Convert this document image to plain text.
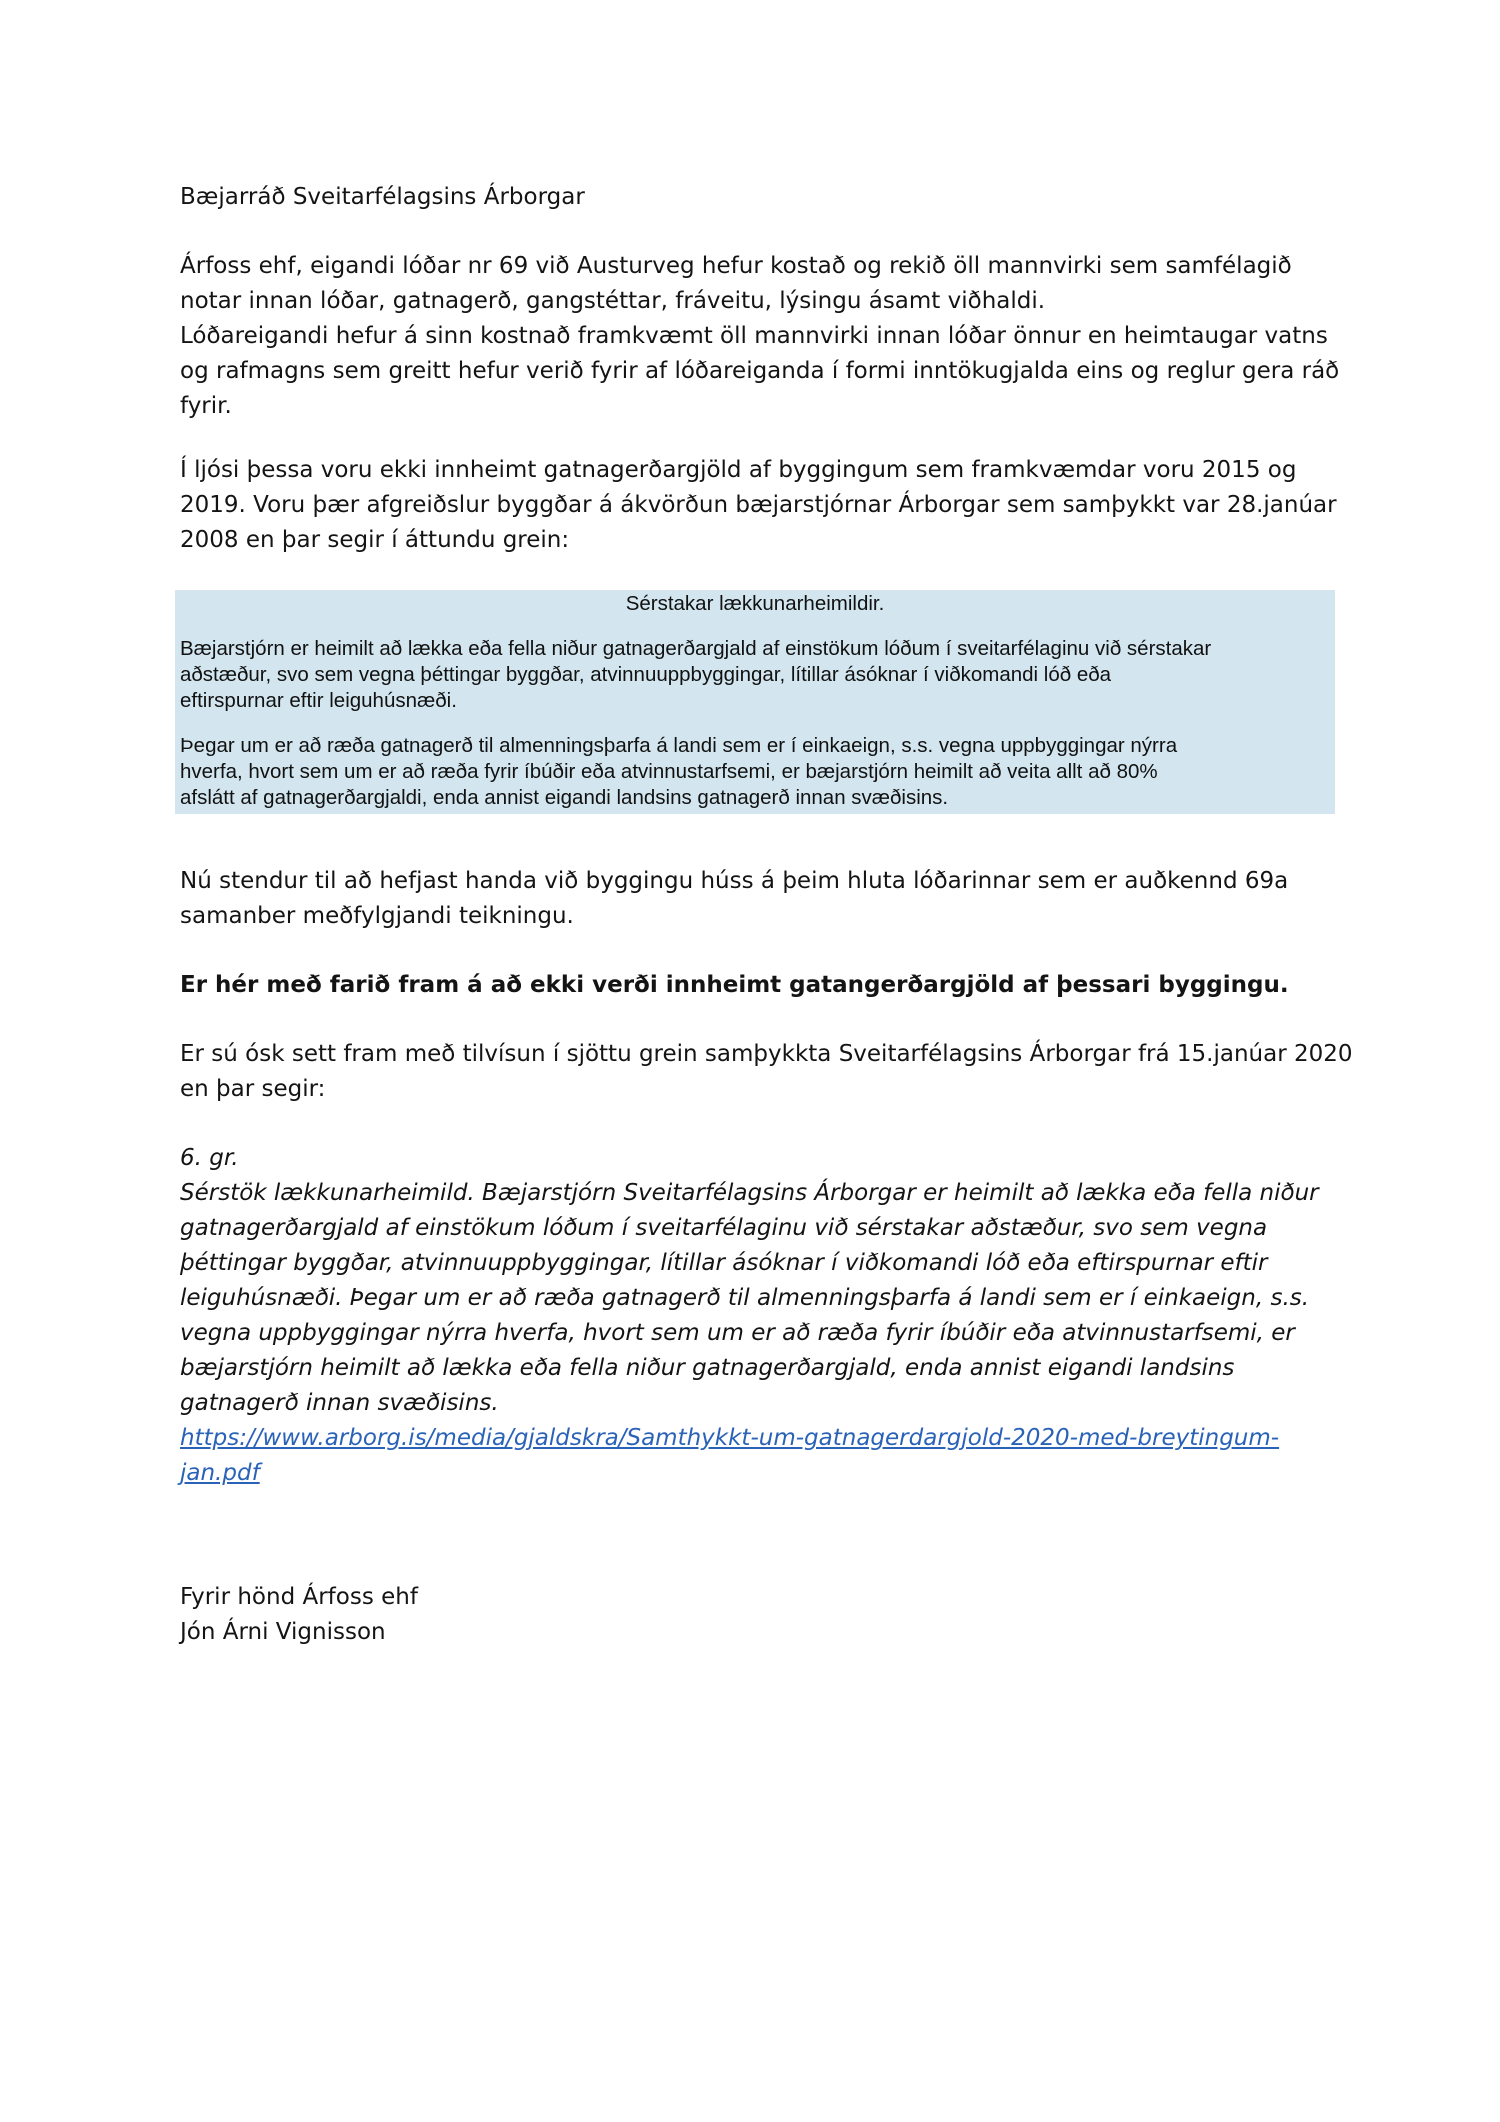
Bæjarráð Sveitarfélagsins Árborgar

Árfoss ehf, eigandi lóðar nr 69 við Austurveg hefur kostað og rekið öll mannvirki sem samfélagið
notar innan lóðar, gatnagerð, gangstéttar, fráveitu, lýsingu ásamt viðhaldi.
Lóðareigandi hefur á sinn kostnað framkvæmt öll mannvirki innan lóðar önnur en heimtaugar vatns
og rafmagns sem greitt hefur verið fyrir af lóðareiganda í formi inntökugjalda eins og reglur gera ráð
fyrir.

Í ljósi þessa voru ekki innheimt gatnagerðargjöld af byggingum sem framkvæmdar voru 2015 og
2019. Voru þær afgreiðslur byggðar á ákvörðun bæjarstjórnar Árborgar sem samþykkt var 28.janúar
2008 en þar segir í áttundu grein:

Sérstakar lækkunarheimildir.

Bæjarstjórn er heimilt að lækka eða fella niður gatnagerðargjald af einstökum lóðum í sveitarfélaginu við sérstakar
aðstæður, svo sem vegna þéttingar byggðar, atvinnuuppbyggingar, lítillar ásóknar í viðkomandi lóð eða
eftirspurnar eftir leiguhúsnæði.

Þegar um er að ræða gatnagerð til almenningsþarfa á landi sem er í einkaeign, s.s. vegna uppbyggingar nýrra
hverfa, hvort sem um er að ræða fyrir íbúðir eða atvinnustarfsemi, er bæjarstjórn heimilt að veita allt að 80%
afslátt af gatnagerðargjaldi, enda annist eigandi landsins gatnagerð innan svæðisins.

Nú stendur til að hefjast handa við byggingu húss á þeim hluta lóðarinnar sem er auðkennd 69a
samanber meðfylgjandi teikningu.

Er hér með farið fram á að ekki verði innheimt gatangerðargjöld af þessari byggingu.

Er sú ósk sett fram með tilvísun í sjöttu grein samþykkta Sveitarfélagsins Árborgar frá 15.janúar 2020
en þar segir:

6. gr.
Sérstök lækkunarheimild. Bæjarstjórn Sveitarfélagsins Árborgar er heimilt að lækka eða fella niður
gatnagerðargjald af einstökum lóðum í sveitarfélaginu við sérstakar aðstæður, svo sem vegna
þéttingar byggðar, atvinnuuppbyggingar, lítillar ásóknar í viðkomandi lóð eða eftirspurnar eftir
leiguhúsnæði. Þegar um er að ræða gatnagerð til almenningsþarfa á landi sem er í einkaeign, s.s.
vegna uppbyggingar nýrra hverfa, hvort sem um er að ræða fyrir íbúðir eða atvinnustarfsemi, er
bæjarstjórn heimilt að lækka eða fella niður gatnagerðargjald, enda annist eigandi landsins
gatnagerð innan svæðisins.
https://www.arborg.is/media/gjaldskra/Samthykkt-um-gatnagerdargjold-2020-med-breytingum-
jan.pdf

Fyrir hönd Árfoss ehf
Jón Árni Vignisson
